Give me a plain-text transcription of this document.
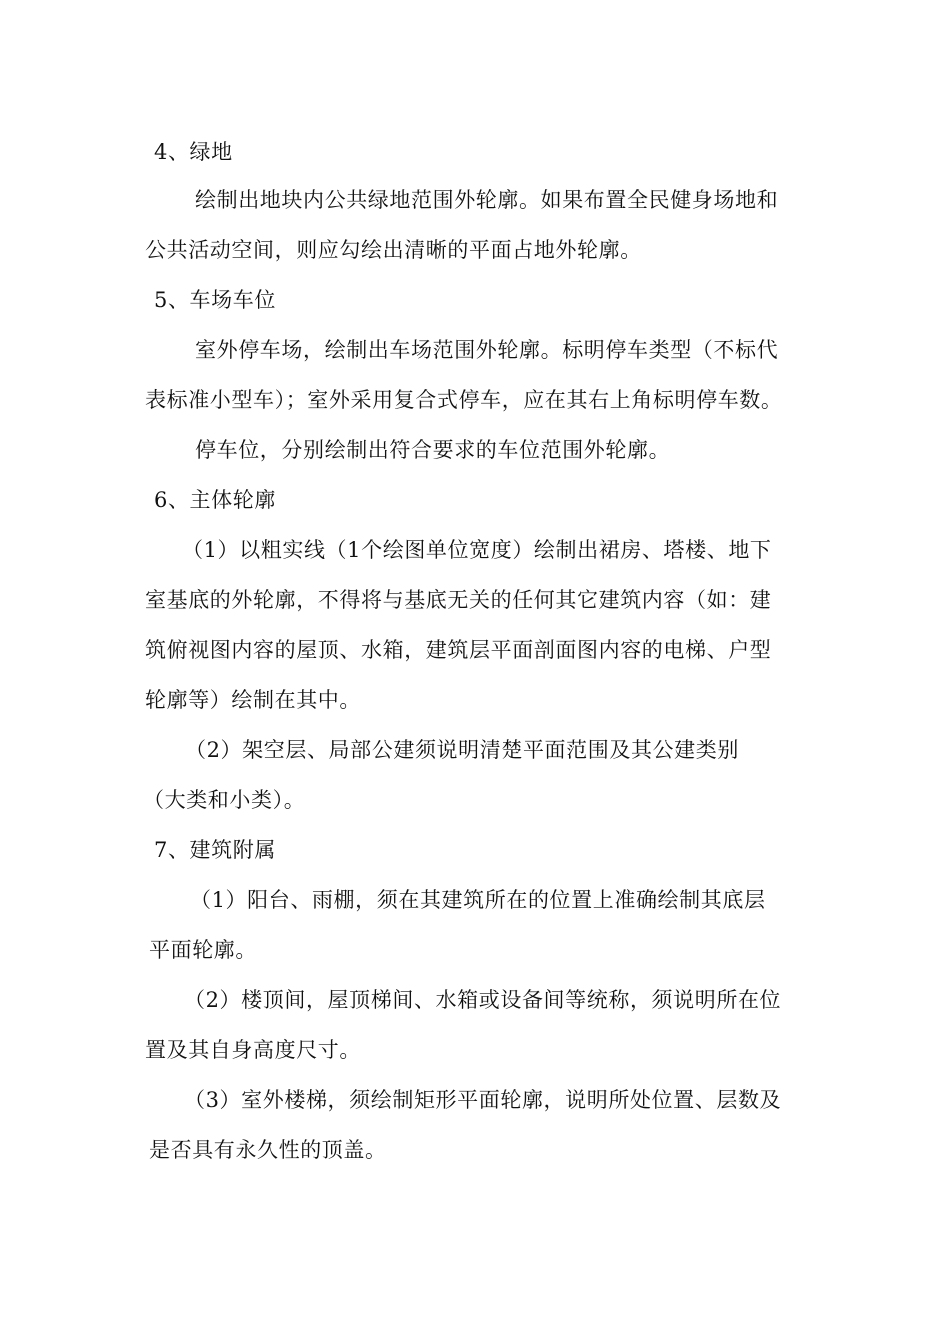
4、绿地
绘制出地块内公共绿地范围外轮廓。如果布置全民健身场地和
公共活动空间，则应勾绘出清晰的平面占地外轮廓。
5、车场车位
室外停车场，绘制出车场范围外轮廓。标明停车类型（不标代
表标准小型车）；室外采用复合式停车，应在其右上角标明停车数。
停车位，分别绘制出符合要求的车位范围外轮廓。
6、主体轮廓
（1）以粗实线（1个绘图单位宽度）绘制出裙房、塔楼、地下
室基底的外轮廓，不得将与基底无关的任何其它建筑内容（如：建
筑俯视图内容的屋顶、水箱，建筑层平面剖面图内容的电梯、户型
轮廓等）绘制在其中。
（2）架空层、局部公建须说明清楚平面范围及其公建类别
（大类和小类）。
7、建筑附属
（1）阳台、雨棚，须在其建筑所在的位置上准确绘制其底层
平面轮廓。
（2）楼顶间，屋顶梯间、水箱或设备间等统称，须说明所在位
置及其自身高度尺寸。
（3）室外楼梯，须绘制矩形平面轮廓，说明所处位置、层数及
是否具有永久性的顶盖。
